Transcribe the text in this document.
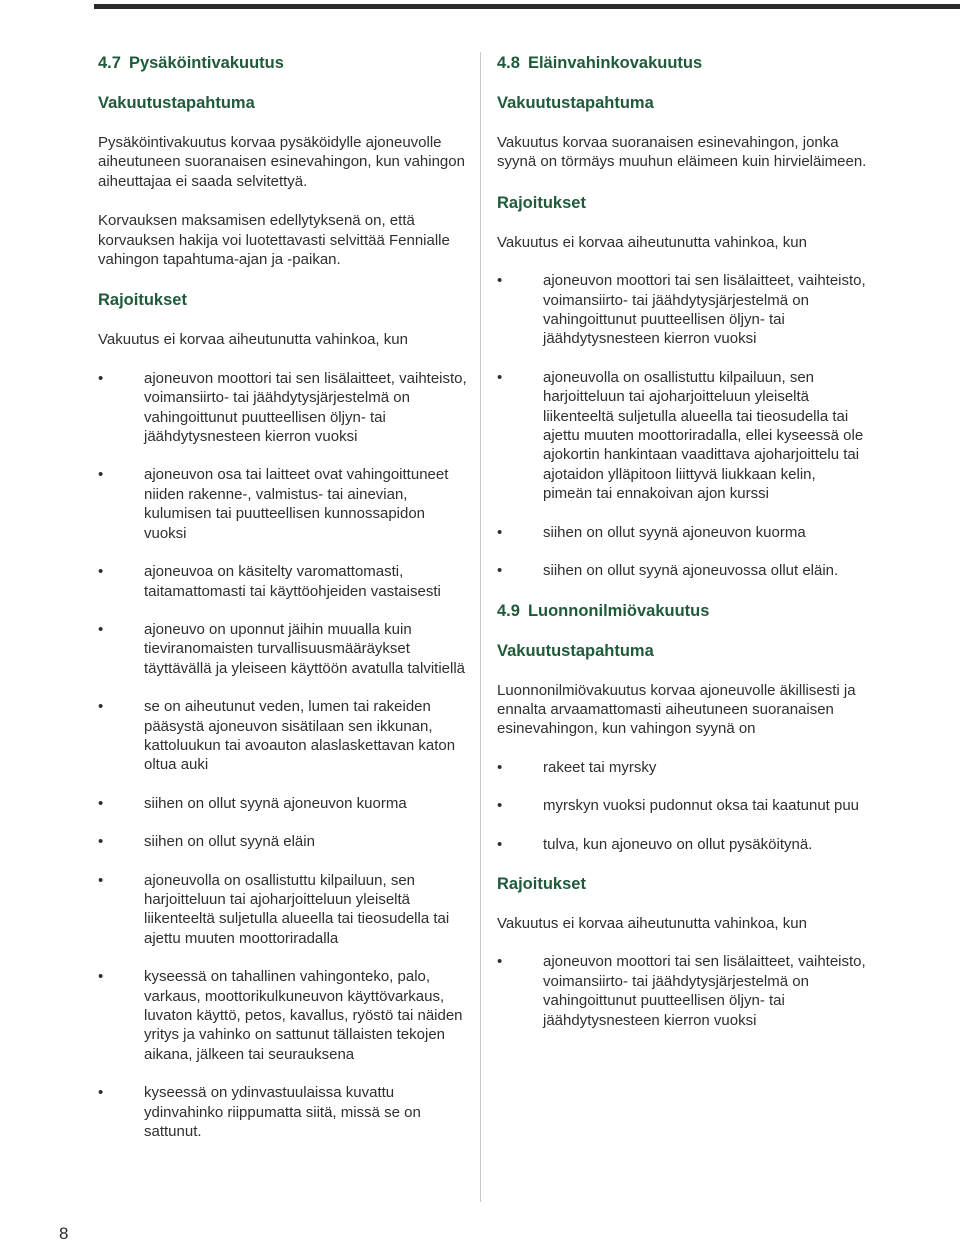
4.7 Pysäköintivakuutus
Vakuutustapahtuma

Pysäköintivakuutus korvaa pysäköidylle ajoneuvolle aiheutuneen suoranaisen esinevahingon, kun vahingon aiheuttajaa ei saada selvitettyä.

Korvauksen maksamisen edellytyksenä on, että korvauksen hakija voi luotettavasti selvittää Fennialle vahingon tapahtuma-ajan ja -paikan.

Rajoitukset

Vakuutus ei korvaa aiheutunutta vahinkoa, kun

• ajoneuvon moottori tai sen lisälaitteet, vaihteisto, voimansiirto- tai jäähdytysjärjestelmä on vahingoittunut puutteellisen öljyn- tai jäähdytysnesteen kierron vuoksi
• ajoneuvon osa tai laitteet ovat vahingoittuneet niiden rakenne-, valmistus- tai ainevian, kulumisen tai puutteellisen kunnossapidon vuoksi
• ajoneuvoa on käsitelty varomattomasti, taitamattomasti tai käyttöohjeiden vastaisesti
• ajoneuvo on uponnut jäihin muualla kuin tieviranomaisten turvallisuusmääräykset täyttävällä ja yleiseen käyttöön avatulla talvitiellä
• se on aiheutunut veden, lumen tai rakeiden pääsystä ajoneuvon sisätilaan sen ikkunan, kattoluukun tai avoauton alaslaskettavan katon oltua auki
• siihen on ollut syynä ajoneuvon kuorma
• siihen on ollut syynä eläin
• ajoneuvolla on osallistuttu kilpailuun, sen harjoitteluun tai ajoharjoitteluun yleiseltä liikenteeltä suljetulla alueella tai tieosudella tai ajettu muuten moottoriradalla
• kyseessä on tahallinen vahingonteko, palo, varkaus, moottorikulkuneuvon käyttövarkaus, luvaton käyttö, petos, kavallus, ryöstö tai näiden yritys ja vahinko on sattunut tällaisten tekojen aikana, jälkeen tai seurauksena
• kyseessä on ydinvastuulaissa kuvattu ydinvahinko riippumatta siitä, missä se on sattunut.
4.8 Eläinvahinkovakuutus
Vakuutustapahtuma

Vakuutus korvaa suoranaisen esinevahingon, jonka syynä on törmäys muuhun eläimeen kuin hirvieläimeen.

Rajoitukset

Vakuutus ei korvaa aiheutunutta vahinkoa, kun

• ajoneuvon moottori tai sen lisälaitteet, vaihteisto, voimansiirto- tai jäähdytysjärjestelmä on vahingoittunut puutteellisen öljyn- tai jäähdytysnesteen kierron vuoksi
• ajoneuvolla on osallistuttu kilpailuun, sen harjoitteluun tai ajoharjoitteluun yleiseltä liikenteeltä suljetulla alueella tai tieosudella tai ajettu muuten moottoriradalla, ellei kyseessä ole ajokortin hankintaan vaadittava ajoharjoittelu tai ajotaidon ylläpitoon liittyvä liukkaan kelin, pimeän tai ennakoivan ajon kurssi
• siihen on ollut syynä ajoneuvon kuorma
• siihen on ollut syynä ajoneuvossa ollut eläin.
4.9 Luonnonilmiövakuutus
Vakuutustapahtuma

Luonnonilmiövakuutus korvaa ajoneuvolle äkillisesti ja ennalta arvaamattomasti aiheutuneen suoranaisen esinevahingon, kun vahingon syynä on

• rakeet tai myrsky
• myrskyn vuoksi pudonnut oksa tai kaatunut puu
• tulva, kun ajoneuvo on ollut pysäköitynä.
Rajoitukset

Vakuutus ei korvaa aiheutunutta vahinkoa, kun

• ajoneuvon moottori tai sen lisälaitteet, vaihteisto, voimansiirto- tai jäähdytysjärjestelmä on vahingoittunut puutteellisen öljyn- tai jäähdytysnesteen kierron vuoksi
8
